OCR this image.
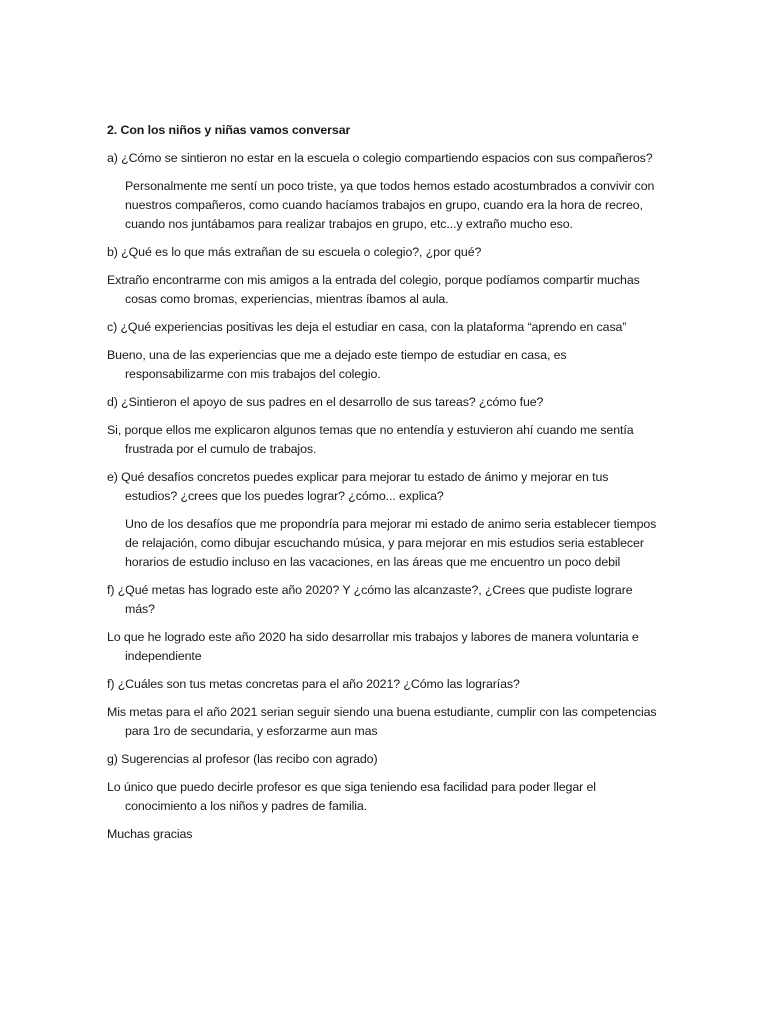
2. Con los niños y niñas vamos conversar

a) ¿Cómo se sintieron no estar en la escuela o colegio compartiendo espacios con sus compañeros?

Personalmente me sentí un poco triste, ya que todos hemos estado acostumbrados a convivir con nuestros compañeros, como cuando hacíamos trabajos en grupo, cuando era la hora de recreo, cuando nos juntábamos para realizar trabajos en grupo, etc...y extraño mucho eso.

b) ¿Qué es lo que más extrañan de su escuela o colegio?, ¿por qué?

Extraño encontrarme con mis amigos a la entrada del colegio, porque podíamos compartir muchas cosas como bromas, experiencias, mientras íbamos al aula.

c) ¿Qué experiencias positivas les deja el estudiar en casa, con la plataforma “aprendo en casa”

Bueno, una de las experiencias que me a dejado este tiempo de estudiar en casa, es responsabilizarme con mis trabajos del colegio.

d) ¿Sintieron el apoyo de sus padres en el desarrollo de sus tareas? ¿cómo fue?

Si, porque ellos me explicaron algunos temas que no entendía y estuvieron ahí cuando me sentía frustrada por el cumulo de trabajos.

e) Qué desafíos concretos puedes explicar para mejorar tu estado de ánimo y mejorar en tus estudios? ¿crees que los puedes lograr? ¿cómo... explica?

Uno de los desafíos que me propondría para mejorar mi estado de animo seria establecer tiempos de relajación, como dibujar escuchando música, y para mejorar en mis estudios seria establecer horarios de estudio incluso en las vacaciones, en las áreas que me encuentro un poco debil

f) ¿Qué metas has logrado este año 2020? Y ¿cómo las alcanzaste?, ¿Crees que pudiste lograre más?

Lo que he logrado este año 2020 ha sido desarrollar mis trabajos y labores de manera voluntaria e independiente

f) ¿Cuáles son tus metas concretas para el año 2021? ¿Cómo las lograrías?

Mis metas para el año 2021 serian seguir siendo una buena estudiante, cumplir con las competencias para 1ro de secundaria, y esforzarme aun mas

g) Sugerencias al profesor (las recibo con agrado)

Lo único que puedo decirle profesor es que siga teniendo esa facilidad para poder llegar el conocimiento a los niños y padres de familia.

Muchas gracias
